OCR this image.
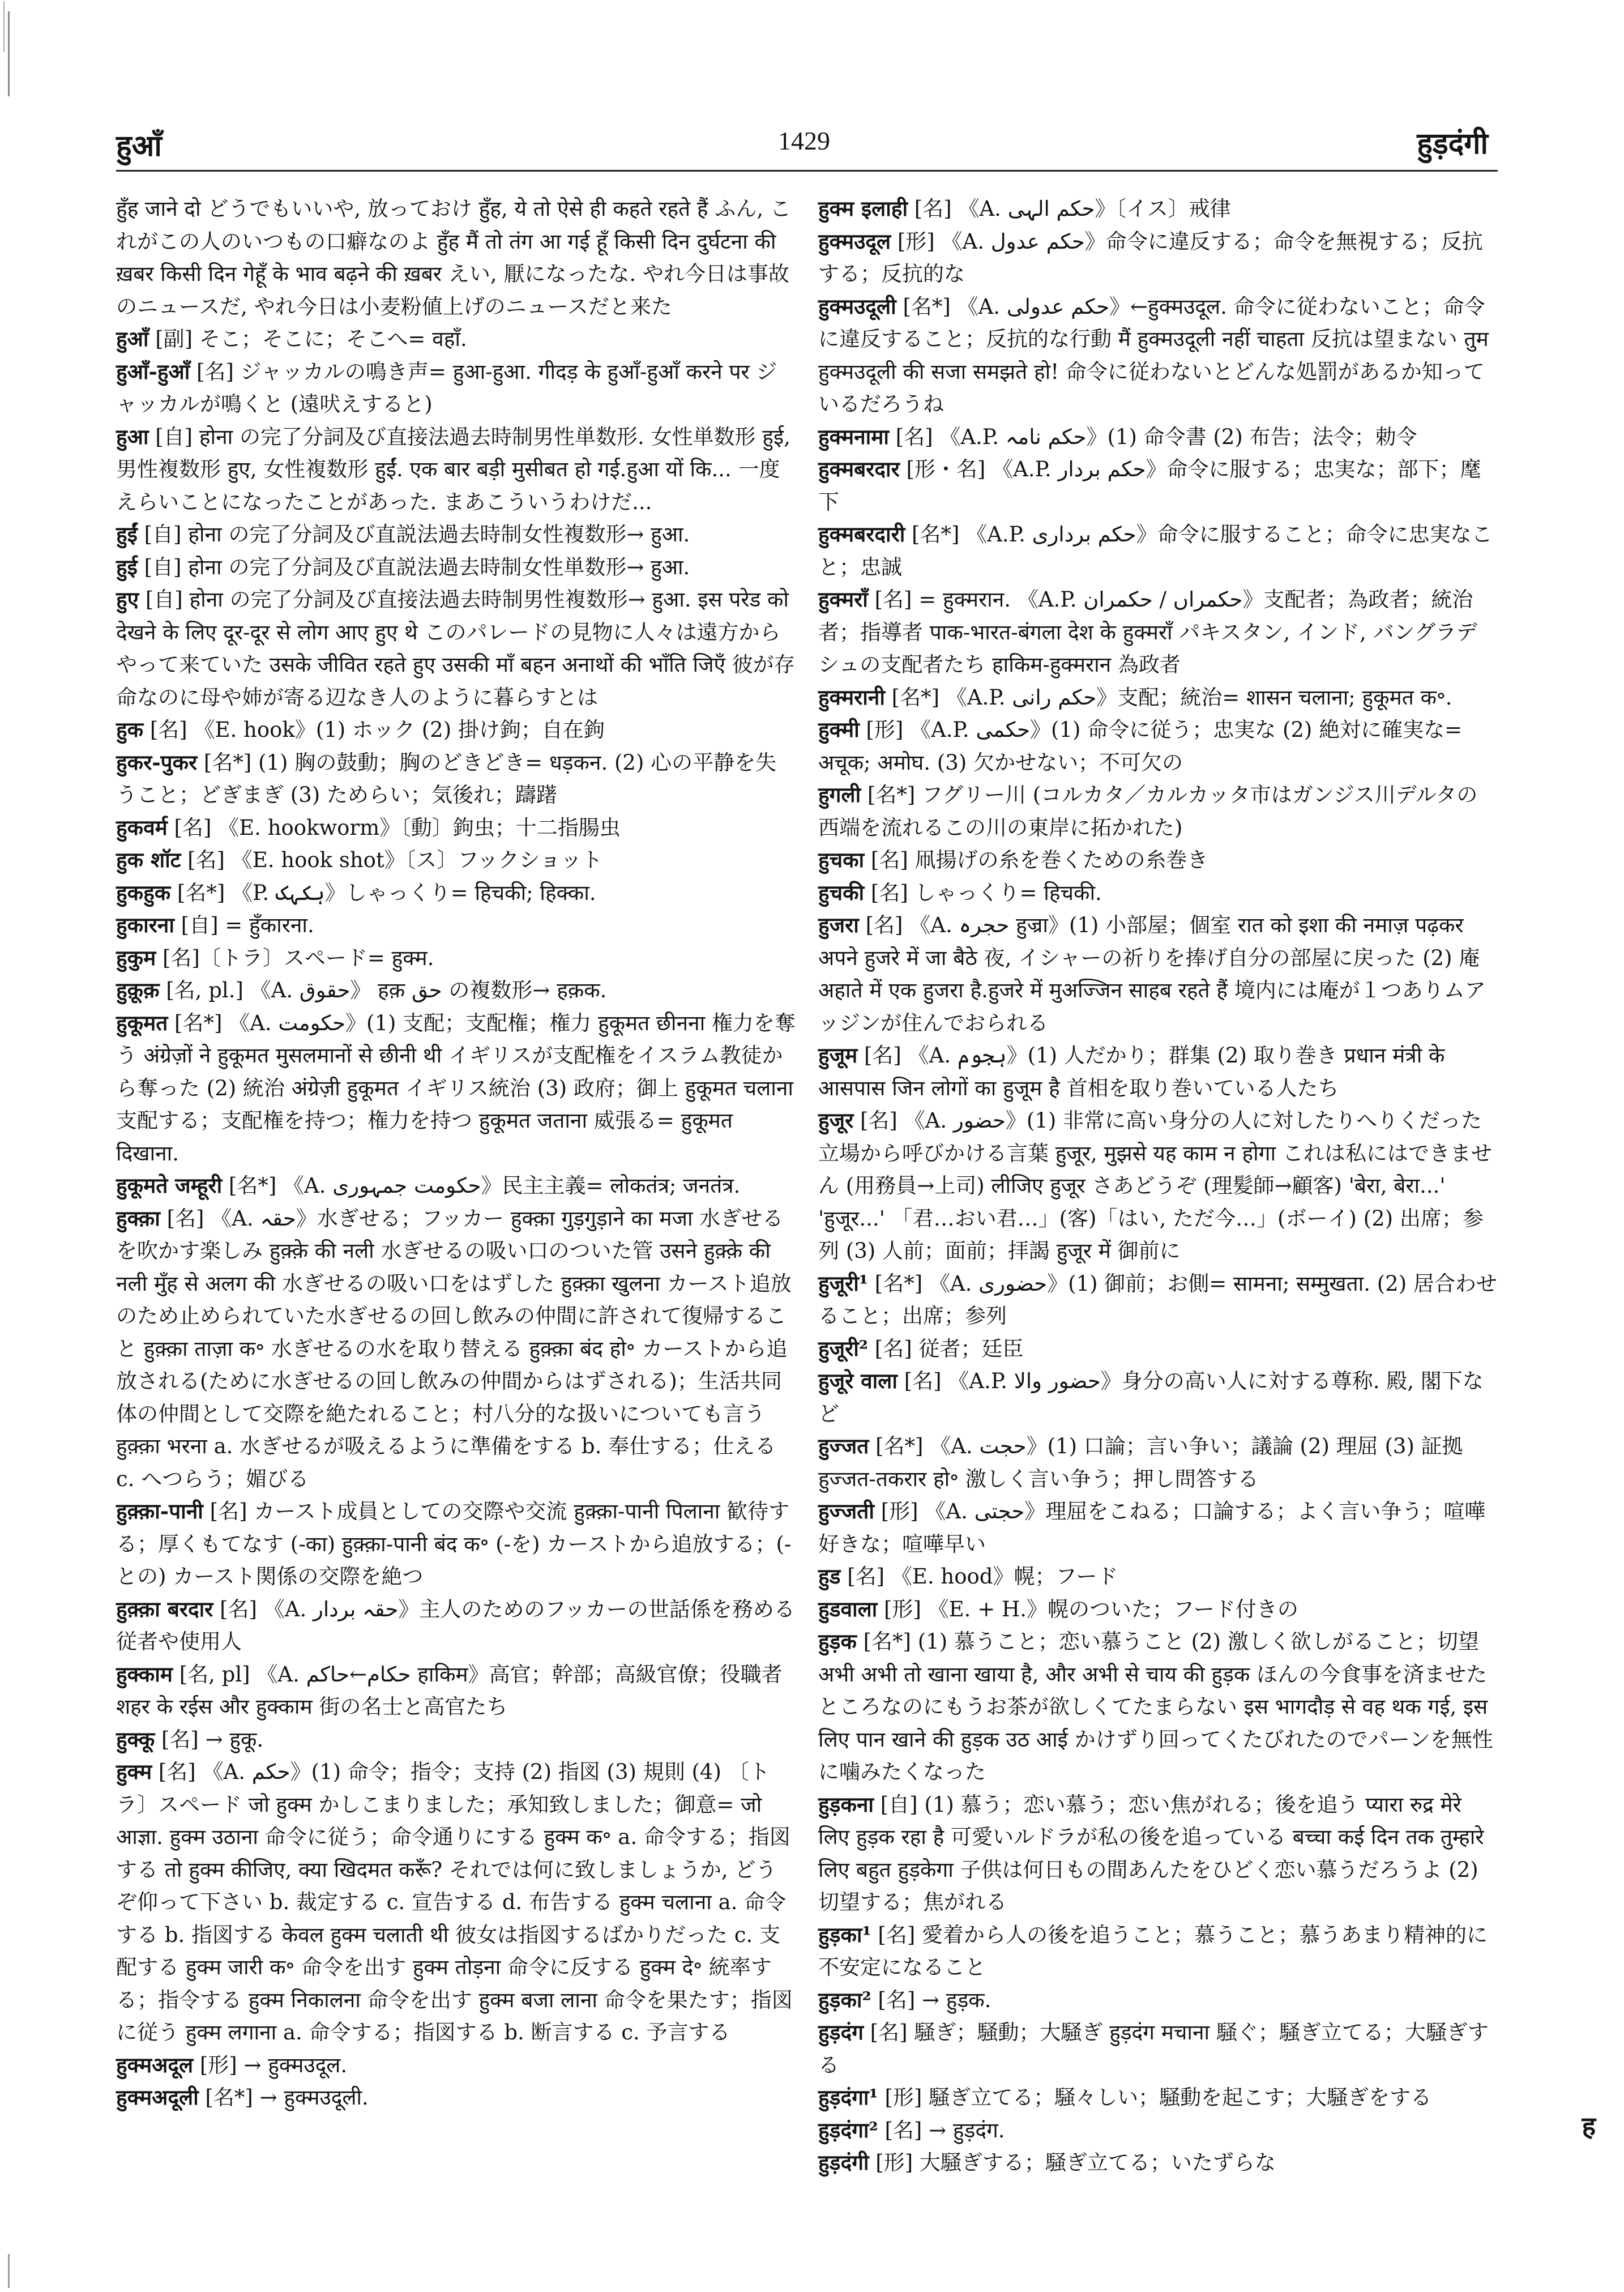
हुआँ	1429	हुड़दंगी

हुँह जाने दो どうでもいいや, 放っておけ हुँह, ये तो ऐसे ही कहते रहते हैं ふん, これがこの人のいつもの口癖なのよ हुँह मैं तो तंग आ गई हूँ किसी दिन दुर्घटना की ख़बर किसी दिन गेहूँ के भाव बढ़ने की ख़बर えい, 厭になったな. やれ今日は事故のニュースだ, やれ今日は小麦粉値上げのニュースだと来た

हुआँ [副] そこ；そこに；そこへ= वहाँ.

हुआँ-हुआँ [名] ジャッカルの鳴き声= हुआ-हुआ. गीदड़ के हुआँ-हुआँ करने पर ジャッカルが鳴くと (遠吠えすると)

हुआ [自] होना の完了分詞及び直接法過去時制男性単数形. 女性単数形 हुई, 男性複数形 हुए, 女性複数形 हुईं. एक बार बड़ी मुसीबत हो गई.हुआ यों कि... 一度えらいことになったことがあった. まあこういうわけだ...

हुईं [自] होना の完了分詞及び直説法過去時制女性複数形→ हुआ.

हुई [自] होना の完了分詞及び直説法過去時制女性単数形→ हुआ.

हुए [自] होना の完了分詞及び直接法過去時制男性複数形→ हुआ. इस परेड को देखने के लिए दूर-दूर से लोग आए हुए थे このパレードの見物に人々は遠方からやって来ていた उसके जीवित रहते हुए उसकी माँ बहन अनाथों की भाँति जिएँ 彼が存命なのに母や姉が寄る辺なき人のように暮らすとは

हुक [名] 《E. hook》(1) ホック (2) 掛け鉤；自在鉤

हुकर-पुकर [名*] (1) 胸の鼓動；胸のどきどき= धड़कन. (2) 心の平静を失うこと；どぎまぎ (3) ためらい；気後れ；躊躇

हुकवर्म [名] 《E. hookworm》〔動〕鉤虫；十二指腸虫

हुक शॉट [名] 《E. hook shot》〔ス〕フックショット

हुकहुक [名*] 《P. ہکہک》しゃっくり= हिचकी; हिक्का.

हुकारना [自] = हुँकारना.

हुकुम [名]〔トラ〕スペード= हुक्म.

हुक़ूक़ [名, pl.] 《A. حقوق》 हक़ حق の複数形→ हक़क.

हुकूमत [名*] 《A. حکومت》(1) 支配；支配権；権力 हुकूमत छीनना 権力を奪う अंग्रेज़ों ने हुकूमत मुसलमानों से छीनी थी イギリスが支配権をイスラム教徒から奪った (2) 統治 अंग्रेज़ी हुकूमत イギリス統治 (3) 政府；御上 हुकूमत चलाना 支配する；支配権を持つ；権力を持つ हुकूमत जताना 威張る= हुकूमत दिखाना.

हुकूमते जम्हूरी [名*] 《A. حکومت جمہوری》民主主義= लोकतंत्र; जनतंत्र.

हुक्क़ा [名] 《A. حقہ》水ぎせる；フッカー हुक्क़ा गुड़गुड़ाने का मजा 水ぎせるを吹かす楽しみ हुक़्क़े की नली 水ぎせるの吸い口のついた管 उसने हुक़्क़े की नली मुँह से अलग की 水ぎせるの吸い口をはずした हुक़्क़ा खुलना カースト追放のため止められていた水ぎせるの回し飲みの仲間に許されて復帰すること हुक़्क़ा ताज़ा क॰ 水ぎせるの水を取り替える हुक़्क़ा बंद हो॰ カーストから追放される(ために水ぎせるの回し飲みの仲間からはずされる)；生活共同体の仲間として交際を絶たれること；村八分的な扱いについても言う हुक़्क़ा भरना a. 水ぎせるが吸えるように準備をする b. 奉仕する；仕える c. へつらう；媚びる

हुक़्क़ा-पानी [名] カースト成員としての交際や交流 हुक़्क़ा-पानी पिलाना 歓待する；厚くもてなす (-का) हुक़्क़ा-पानी बंद क॰ (-を) カーストから追放する；(-との) カースト関係の交際を絶つ

हुक़्क़ा बरदार [名] 《A. حقہ بردار》主人のためのフッカーの世話係を務める従者や使用人

हुक्काम [名, pl] 《A. حکام←حاکم हाकिम》高官；幹部；高級官僚；役職者 शहर के रईस और हुक्काम 街の名士と高官たち

हुक्कू [名] → हुकू.

हुक्म [名] 《A. حکم》(1) 命令；指令；支持 (2) 指図 (3) 規則 (4) 〔トラ〕スペード जो हुक्म かしこまりました；承知致しました；御意= जो आज्ञा. हुक्म उठाना 命令に従う；命令通りにする हुक्म क॰ a. 命令する；指図する तो हुक्म कीजिए, क्या खिदमत करूँ? それでは何に致しましょうか, どうぞ仰って下さい b. 裁定する c. 宣告する d. 布告する हुक्म चलाना a. 命令する b. 指図する केवल हुक्म चलाती थी 彼女は指図するばかりだった c. 支配する हुक्म जारी क॰ 命令を出す हुक्म तोड़ना 命令に反する हुक्म दे॰ 統率する；指令する हुक्म निकालना 命令を出す हुक्म बजा लाना 命令を果たす；指図に従う हुक्म लगाना a. 命令する；指図する b. 断言する c. 予言する

हुक्मअदूल [形] → हुक्मउदूल.

हुक्मअदूली [名*] → हुक्मउदूली.

हुक्म इलाही [名] 《A. حکم الہی》〔イス〕戒律

हुक्मउदूल [形] 《A. حکم عدول》命令に違反する；命令を無視する；反抗する；反抗的な

हुक्मउदूली [名*] 《A. حکم عدولی》←हुक्मउदूल. 命令に従わないこと；命令に違反すること；反抗的な行動 मैं हुक्मउदूली नहीं चाहता 反抗は望まない तुम हुक्मउदूली की सजा समझते हो! 命令に従わないとどんな処罰があるか知っているだろうね

हुक्मनामा [名] 《A.P. حکم نامہ》(1) 命令書 (2) 布告；法令；勅令

हुक्मबरदार [形・名] 《A.P. حکم بردار》命令に服する；忠実な；部下；麾下

हुक्मबरदारी [名*] 《A.P. حکم برداری》命令に服すること；命令に忠実なこと；忠誠

हुक्मराँ [名] = हुक्मरान. 《A.P. حکمراں / حکمران》支配者；為政者；統治者；指導者 पाक-भारत-बंगला देश के हुक्मराँ パキスタン, インド, バングラデシュの支配者たち हाकिम-हुक्मरान 為政者

हुक्मरानी [名*] 《A.P. حکم رانی》支配；統治= शासन चलाना; हुकूमत क॰.

हुक्मी [形] 《A.P. حکمی》(1) 命令に従う；忠実な (2) 絶対に確実な= अचूक; अमोघ. (3) 欠かせない；不可欠の

हुगली [名*] フグリー川 (コルカタ／カルカッタ市はガンジス川デルタの西端を流れるこの川の東岸に拓かれた)

हुचका [名] 凧揚げの糸を巻くための糸巻き

हुचकी [名] しゃっくり= हिचकी.

हुजरा [名] 《A. حجرہ हुज्रा》(1) 小部屋；個室 रात को इशा की नमाज़ पढ़कर अपने हुजरे में जा बैठे 夜, イシャーの祈りを捧げ自分の部屋に戻った (2) 庵 अहाते में एक हुजरा है.हुजरे में मुअज्जिन साहब रहते हैं 境内には庵が１つありムアッジンが住んでおられる

हुजूम [名] 《A. ہجوم》(1) 人だかり；群集 (2) 取り巻き प्रधान मंत्री के आसपास जिन लोगों का हुजूम है 首相を取り巻いている人たち

हुजूर [名] 《A. حضور》(1) 非常に高い身分の人に対したりへりくだった立場から呼びかける言葉 हुजूर, मुझसे यह काम न होगा これは私にはできません (用務員→上司) लीजिए हुजूर さあどうぞ (理髪師→顧客) 'बेरा, बेरा...' 'हुजूर...' 「君…おい君…」(客)「はい, ただ今…」(ボーイ) (2) 出席；参列 (3) 人前；面前；拝謁 हुजूर में 御前に

हुजूरी¹ [名*] 《A. حضوری》(1) 御前；お側= सामना; सम्मुखता. (2) 居合わせること；出席；参列

हुजूरी² [名] 従者；廷臣

हुजूरे वाला [名] 《A.P. حضور والا》身分の高い人に対する尊称. 殿, 閣下など

हुज्जत [名*] 《A. حجت》(1) 口論；言い争い；議論 (2) 理屈 (3) 証拠 हुज्जत-तकरार हो॰ 激しく言い争う；押し問答する

हुज्जती [形] 《A. حجتی》理屈をこねる；口論する；よく言い争う；喧嘩好きな；喧嘩早い

हुड [名] 《E. hood》幌；フード

हुडवाला [形] 《E. + H.》幌のついた；フード付きの

हुड़क [名*] (1) 慕うこと；恋い慕うこと (2) 激しく欲しがること；切望 अभी अभी तो खाना खाया है, और अभी से चाय की हुड़क ほんの今食事を済ませたところなのにもうお茶が欲しくてたまらない इस भागदौड़ से वह थक गई, इस लिए पान खाने की हुड़क उठ आई かけずり回ってくたびれたのでパーンを無性に噛みたくなった

हुड़कना [自] (1) 慕う；恋い慕う；恋い焦がれる；後を追う प्यारा रुद्र मेरे लिए हुड़क रहा है 可愛いルドラが私の後を追っている बच्चा कई दिन तक तुम्हारे लिए बहुत हुड़केगा 子供は何日もの間あんたをひどく恋い慕うだろうよ (2) 切望する；焦がれる

हुड़का¹ [名] 愛着から人の後を追うこと；慕うこと；慕うあまり精神的に不安定になること

हुड़का² [名] → हुड़क.

हुड़दंग [名] 騒ぎ；騒動；大騒ぎ हुड़दंग मचाना 騒ぐ；騒ぎ立てる；大騒ぎする

हुड़दंगा¹ [形] 騒ぎ立てる；騒々しい；騒動を起こす；大騒ぎをする

हुड़दंगा² [名] → हुड़दंग.

हुड़दंगी [形] 大騒ぎする；騒ぎ立てる；いたずらな

ह
